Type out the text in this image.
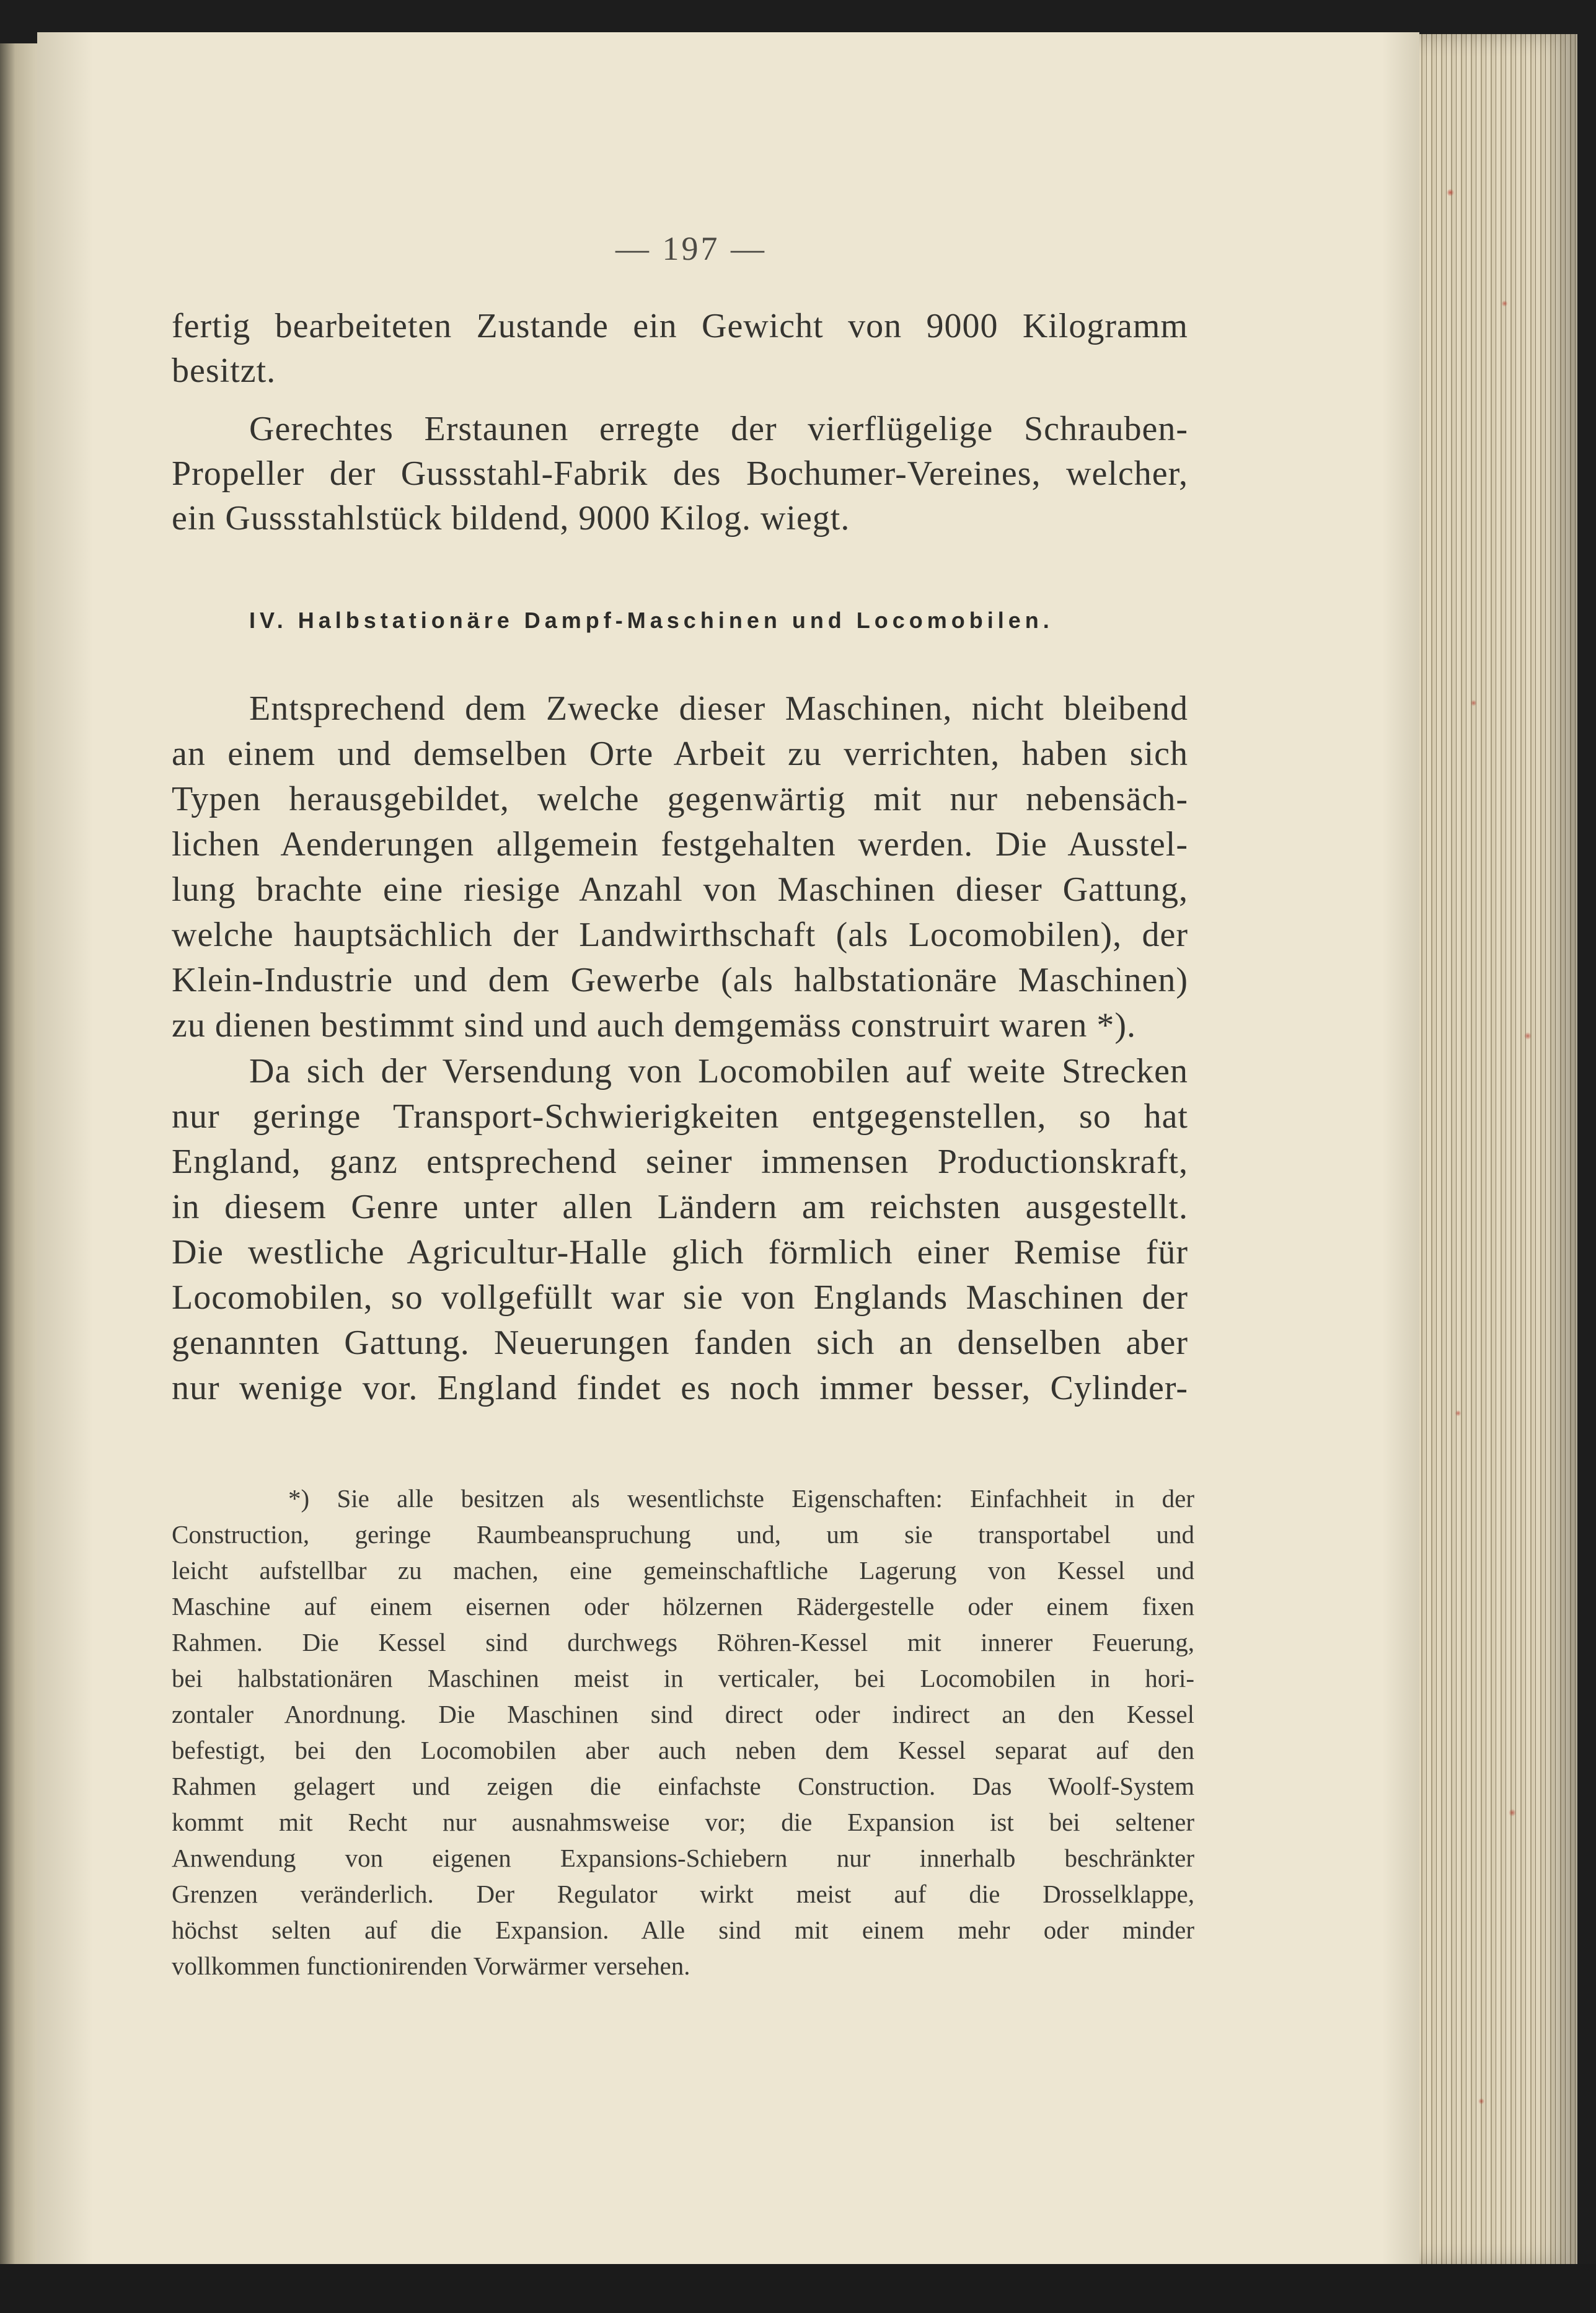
— 197 —
fertig bearbeiteten Zustande ein Gewicht von 9000 Kilogramm
besitzt.
Gerechtes Erstaunen erregte der vierflügelige Schrauben-
Propeller der Gussstahl-Fabrik des Bochumer-Vereines, welcher,
ein Gussstahlstück bildend, 9000 Kilog. wiegt.
IV. Halbstationäre Dampf-Maschinen und Locomobilen.
Entsprechend dem Zwecke dieser Maschinen, nicht bleibend
an einem und demselben Orte Arbeit zu verrichten, haben sich
Typen herausgebildet, welche gegenwärtig mit nur nebensäch-
lichen Aenderungen allgemein festgehalten werden. Die Ausstel-
lung brachte eine riesige Anzahl von Maschinen dieser Gattung,
welche hauptsächlich der Landwirthschaft (als Locomobilen), der
Klein-Industrie und dem Gewerbe (als halbstationäre Maschinen)
zu dienen bestimmt sind und auch demgemäss construirt waren *).
Da sich der Versendung von Locomobilen auf weite Strecken
nur geringe Transport-Schwierigkeiten entgegenstellen, so hat
England, ganz entsprechend seiner immensen Productionskraft,
in diesem Genre unter allen Ländern am reichsten ausgestellt.
Die westliche Agricultur-Halle glich förmlich einer Remise für
Locomobilen, so vollgefüllt war sie von Englands Maschinen der
genannten Gattung. Neuerungen fanden sich an denselben aber
nur wenige vor. England findet es noch immer besser, Cylinder-
*) Sie alle besitzen als wesentlichste Eigenschaften: Einfachheit in der
Construction, geringe Raumbeanspruchung und, um sie transportabel und
leicht aufstellbar zu machen, eine gemeinschaftliche Lagerung von Kessel und
Maschine auf einem eisernen oder hölzernen Rädergestelle oder einem fixen
Rahmen. Die Kessel sind durchwegs Röhren-Kessel mit innerer Feuerung,
bei halbstationären Maschinen meist in verticaler, bei Locomobilen in hori-
zontaler Anordnung. Die Maschinen sind direct oder indirect an den Kessel
befestigt, bei den Locomobilen aber auch neben dem Kessel separat auf den
Rahmen gelagert und zeigen die einfachste Construction. Das Woolf-System
kommt mit Recht nur ausnahmsweise vor; die Expansion ist bei seltener
Anwendung von eigenen Expansions-Schiebern nur innerhalb beschränkter
Grenzen veränderlich. Der Regulator wirkt meist auf die Drosselklappe,
höchst selten auf die Expansion. Alle sind mit einem mehr oder minder
vollkommen functionirenden Vorwärmer versehen.
